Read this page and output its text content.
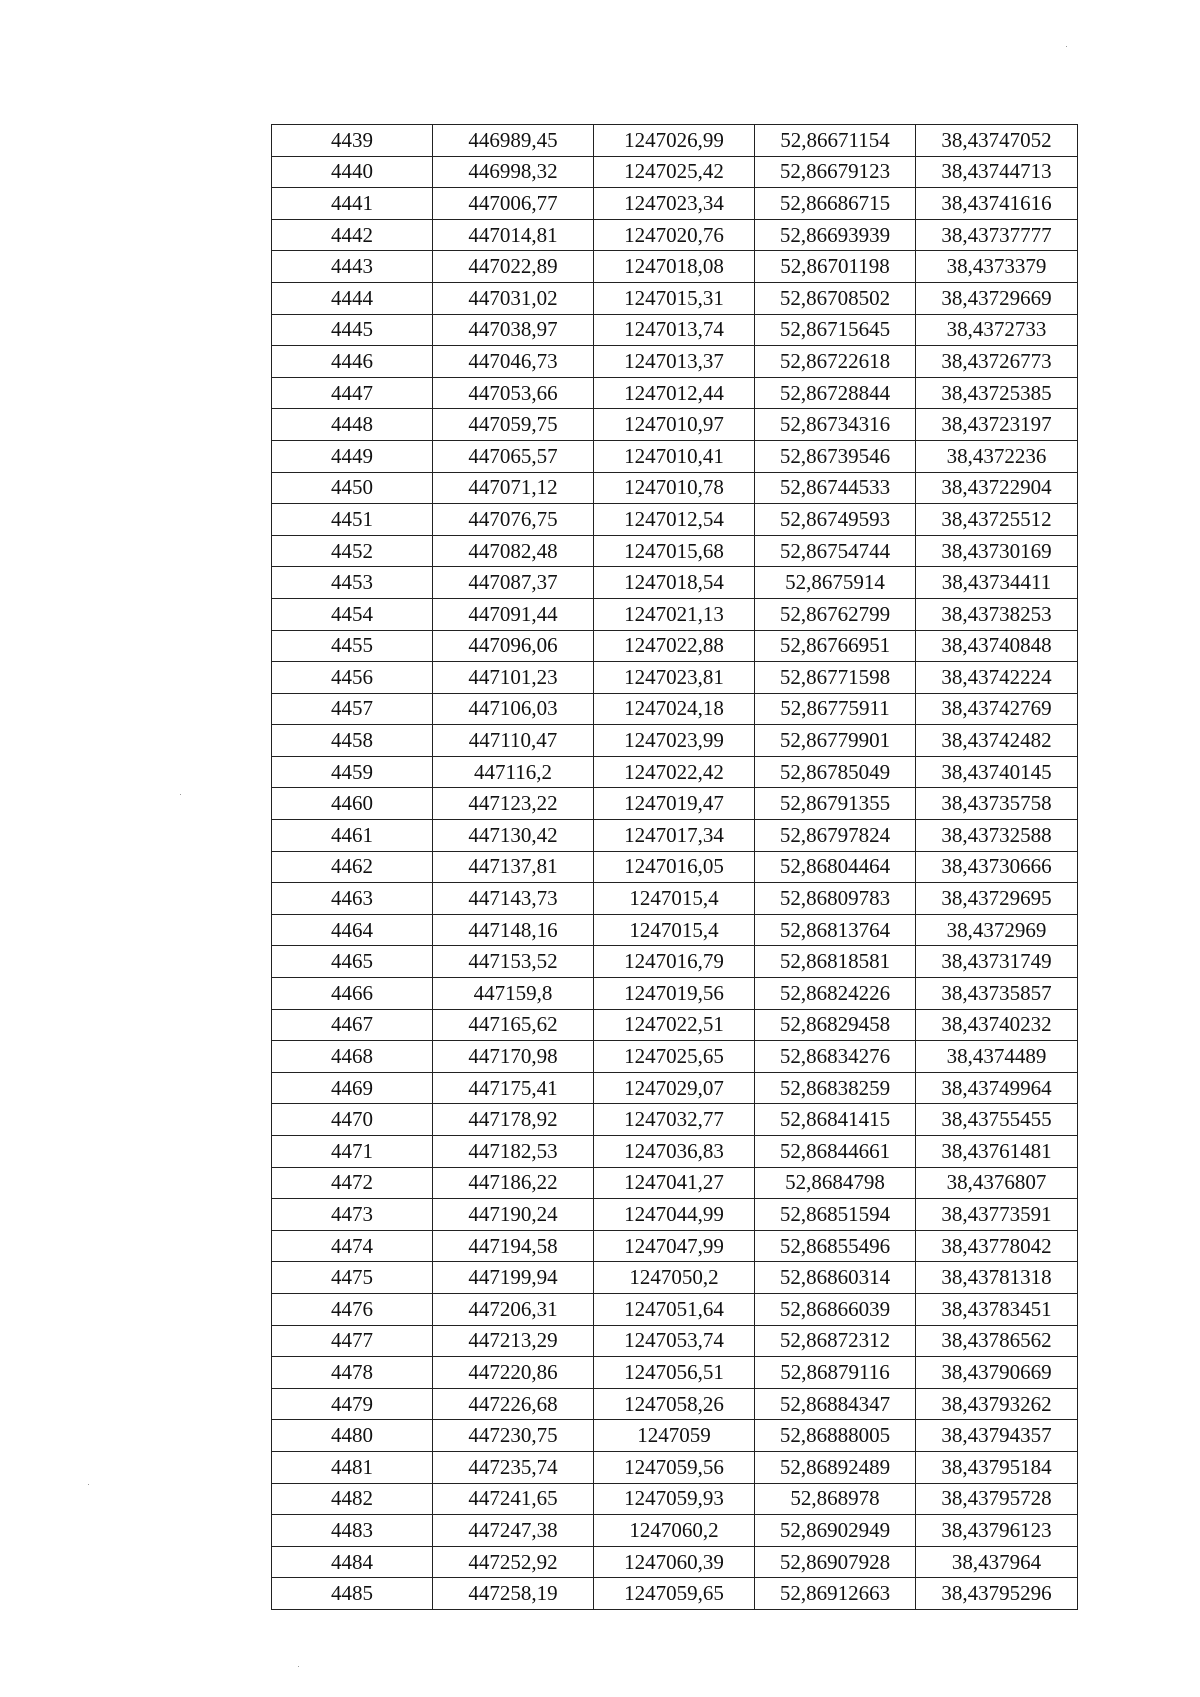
4439	446989,45	1247026,99	52,86671154	38,43747052
4440	446998,32	1247025,42	52,86679123	38,43744713
4441	447006,77	1247023,34	52,86686715	38,43741616
4442	447014,81	1247020,76	52,86693939	38,43737777
4443	447022,89	1247018,08	52,86701198	38,4373379
4444	447031,02	1247015,31	52,86708502	38,43729669
4445	447038,97	1247013,74	52,86715645	38,4372733
4446	447046,73	1247013,37	52,86722618	38,43726773
4447	447053,66	1247012,44	52,86728844	38,43725385
4448	447059,75	1247010,97	52,86734316	38,43723197
4449	447065,57	1247010,41	52,86739546	38,4372236
4450	447071,12	1247010,78	52,86744533	38,43722904
4451	447076,75	1247012,54	52,86749593	38,43725512
4452	447082,48	1247015,68	52,86754744	38,43730169
4453	447087,37	1247018,54	52,8675914	38,43734411
4454	447091,44	1247021,13	52,86762799	38,43738253
4455	447096,06	1247022,88	52,86766951	38,43740848
4456	447101,23	1247023,81	52,86771598	38,43742224
4457	447106,03	1247024,18	52,86775911	38,43742769
4458	447110,47	1247023,99	52,86779901	38,43742482
4459	447116,2	1247022,42	52,86785049	38,43740145
4460	447123,22	1247019,47	52,86791355	38,43735758
4461	447130,42	1247017,34	52,86797824	38,43732588
4462	447137,81	1247016,05	52,86804464	38,43730666
4463	447143,73	1247015,4	52,86809783	38,43729695
4464	447148,16	1247015,4	52,86813764	38,4372969
4465	447153,52	1247016,79	52,86818581	38,43731749
4466	447159,8	1247019,56	52,86824226	38,43735857
4467	447165,62	1247022,51	52,86829458	38,43740232
4468	447170,98	1247025,65	52,86834276	38,4374489
4469	447175,41	1247029,07	52,86838259	38,43749964
4470	447178,92	1247032,77	52,86841415	38,43755455
4471	447182,53	1247036,83	52,86844661	38,43761481
4472	447186,22	1247041,27	52,8684798	38,4376807
4473	447190,24	1247044,99	52,86851594	38,43773591
4474	447194,58	1247047,99	52,86855496	38,43778042
4475	447199,94	1247050,2	52,86860314	38,43781318
4476	447206,31	1247051,64	52,86866039	38,43783451
4477	447213,29	1247053,74	52,86872312	38,43786562
4478	447220,86	1247056,51	52,86879116	38,43790669
4479	447226,68	1247058,26	52,86884347	38,43793262
4480	447230,75	1247059	52,86888005	38,43794357
4481	447235,74	1247059,56	52,86892489	38,43795184
4482	447241,65	1247059,93	52,868978	38,43795728
4483	447247,38	1247060,2	52,86902949	38,43796123
4484	447252,92	1247060,39	52,86907928	38,437964
4485	447258,19	1247059,65	52,86912663	38,43795296
